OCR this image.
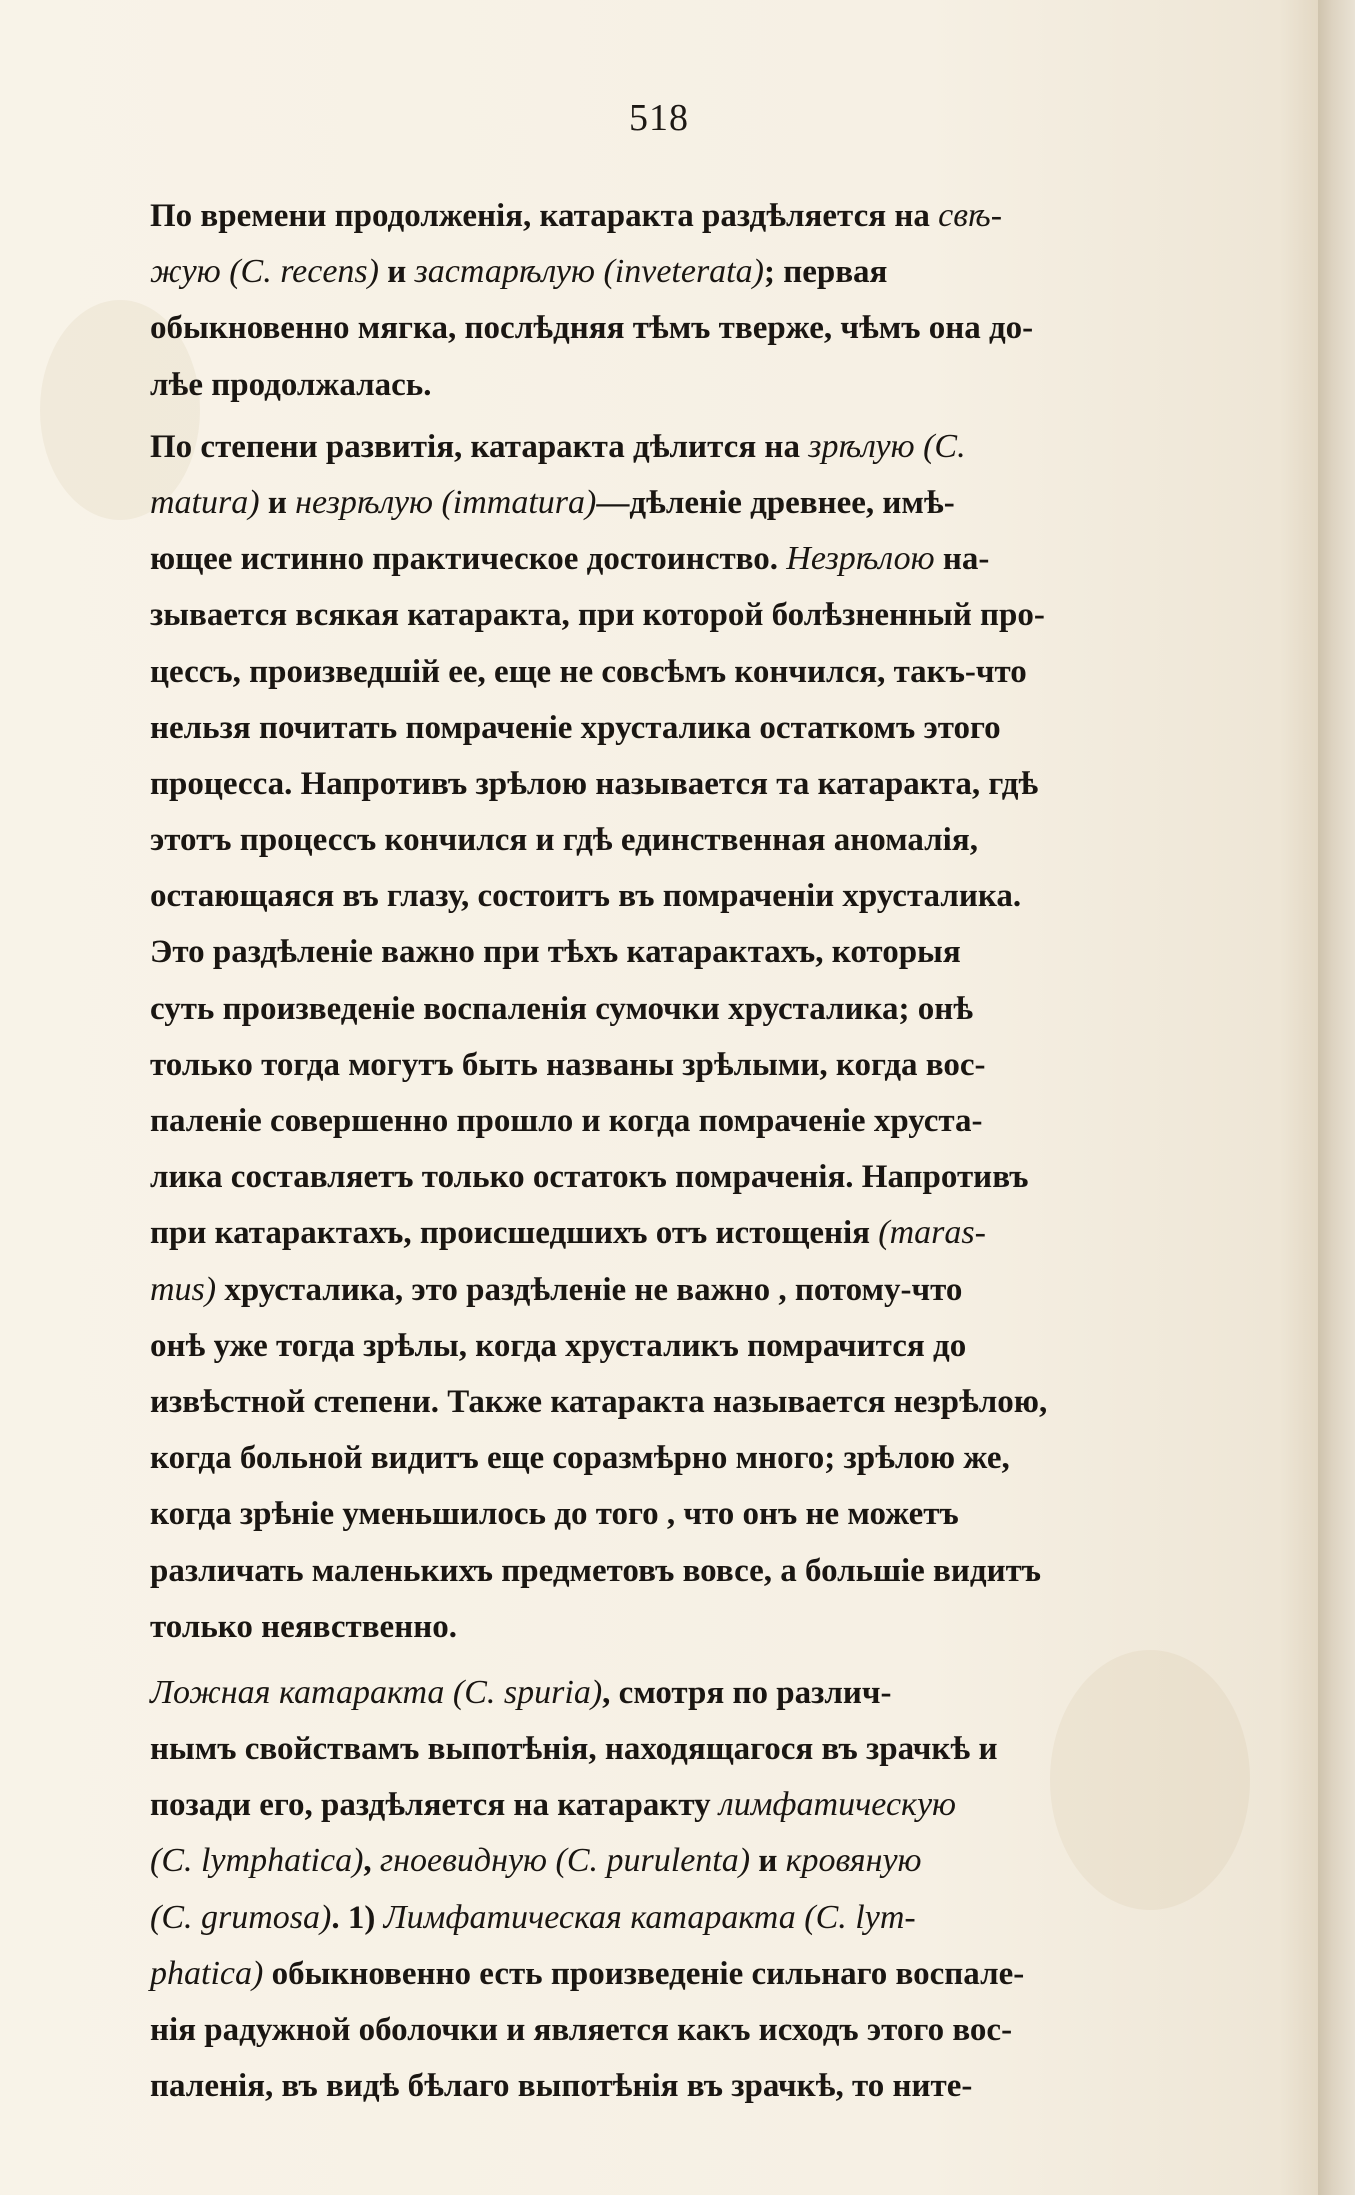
518
По времени продолженія, катаракта раздѣляется на свѣ-
жую (C. recens) и застарѣлую (inveterata); первая
обыкновенно мягка, послѣдняя тѣмъ тверже, чѣмъ она до-
лѣе продолжалась.
По степени развитія, катаракта дѣлится на зрѣлую (C.
matura) и незрѣлую (immatura)—дѣленіе древнее, имѣ-
ющее истинно практическое достоинство. Незрѣлою на-
зывается всякая катаракта, при которой болѣзненный про-
цессъ, произведшій ее, еще не совсѣмъ кончился, такъ-что
нельзя почитать помраченіе хрусталика остаткомъ этого
процесса. Напротивъ зрѣлою называется та катаракта, гдѣ
этотъ процессъ кончился и гдѣ единственная аномалія,
остающаяся въ глазу, состоитъ въ помраченіи хрусталика.
Это раздѣленіе важно при тѣхъ катарактахъ, которыя
суть произведеніе воспаленія сумочки хрусталика; онѣ
только тогда могутъ быть названы зрѣлыми, когда вос-
паленіе совершенно прошло и когда помраченіе хруста-
лика составляетъ только остатокъ помраченія. Напротивъ
при катарактахъ, происшедшихъ отъ истощенія (maras-
mus) хрусталика, это раздѣленіе не важно , потому-что
онѣ уже тогда зрѣлы, когда хрусталикъ помрачится до
извѣстной степени. Также катаракта называется незрѣлою,
когда больной видитъ еще соразмѣрно много; зрѣлою же,
когда зрѣніе уменьшилось до того , что онъ не можетъ
различать маленькихъ предметовъ вовсе, а большіе видитъ
только неявственно.
Ложная катаракта (C. spuria), смотря по различ-
нымъ свойствамъ выпотѣнія, находящагося въ зрачкѣ и
позади его, раздѣляется на катаракту лимфатическую
(C. lymphatica), гноевидную (C. purulenta) и кровяную
(C. grumosa). 1) Лимфатическая катаракта (C. lym-
phatica) обыкновенно есть произведеніе сильнаго воспале-
нія радужной оболочки и является какъ исходъ этого вос-
паленія, въ видѣ бѣлаго выпотѣнія въ зрачкѣ, то ните-
